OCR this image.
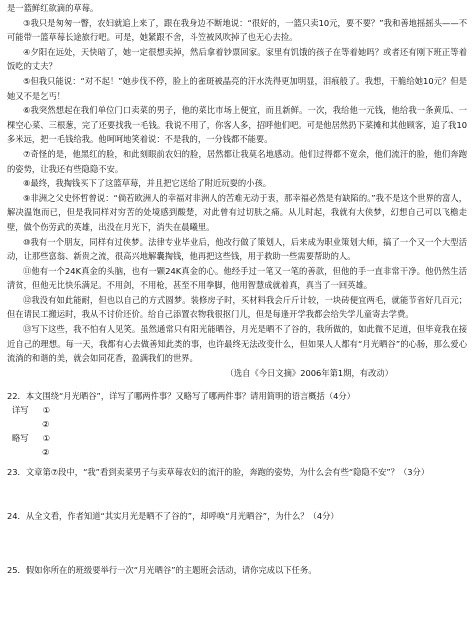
是一篮鲜红欲滴的草莓。

③我只是匆匆一瞥，农妇就追上来了，跟在我身边不断地说：“很好的，一篮只卖10元，要不要？”我和善地摇摇头——不可能带一篮草莓长途旅行吧。可是，她紧跟不舍，斗笠被风吹掉了也无心去捡。

④夕阳在远处，天快暗了，她一定很想卖掉，然后拿着钞票回家。家里有饥饿的孩子在等着她吗？或者还有刚下班正等着饭吃的丈夫？

⑤但我只能说：“对不起！”她步伐不停，脸上的雀斑被晶亮的汗水洗得更加明显，泪痕般了。我想，干脆给她10元？但是她又不是乞丐！

⑥我突然想起在我们单位门口卖菜的男子，他的菜比市场上便宜，而且新鲜。一次，我给他一元钱，他给我一条黄瓜、一棵空心菜、三根葱，完了还要找我一毛钱。我说不用了，你客人多，招呼他们吧。可是他居然扔下菜摊和其他顾客，追了我10多米远，把一毛钱给我。他呵呵地笑着说：不是我的，一分钱都不能要。

⑦奇怪的是，他黑红的脸，和此刻眼前农妇的脸，居然都让我莫名地感动。他们过得都不宽余，他们流汗的脸，他们奔跑的姿势，让我还有些隐隐不安。

⑧最终，我掏钱买下了这篮草莓，并且把它送给了附近玩耍的小孩。

⑨非洲之父史怀哲曾说：“倘若欧洲人的幸福对非洲人的苦难无动于衷，那幸福必然是有缺陷的。”我不是这个世界的富人，解决温饱而已，但是我同样对穷苦的处境感到酸楚，对此曾有过切肤之痛。从儿时起，我就有大侠梦，幻想自己可以飞檐走壁，做个伤劳武的英雄，出没在月光下，消失在晨曦里。

⑩我有一个朋友，同样有过侠梦。法律专业毕业后，他改行做了策划人，后来成为职业策划大师，搞了一个又一个大型活动，让那些富翁、新贵之流，很高兴地解囊掏钱，他再把这些钱，用于救助一些需要帮助的人。

⑪他有一个24K真金的头脑，也有一颗24K真金的心。他经手过一笔又一笔的善款，但他的手一直非常干净。他仍然生活清贫，但他无比快乐满足。不用剑，不用枪，甚至不用拳脚，他用智慧成就着真，真当了一回英雄。

⑫我没有如此能耐，但也以自己的方式圆梦。装修房子时，买材料我会斤斤计较，一块砖便宜两毛，就能节省好几百元；但在请民工搬运时，我从不讨价还价。给自己添置衣物我很抠门儿，但是每逢开学我都会给失学儿童寄去学费。

⑬写下这些，我不怕有人见笑。虽然通常只有阳光能晒谷，月光是晒不了谷的，我所做的，如此微不足道，但毕竟我在接近自己的理想。每一天，我都有心去做善知此类的事，也许最终无法改变什么，但如果人人都有“月光晒谷”的心肠，那么爱心流淌的和谐的美，就会如同花香，盈满我们的世界。

（选自《今日文摘》2006年第1期，有改动）

22．本文围绕“月光晒谷”，详写了哪两件事？又略写了哪两件事？请用简明的语言概括（4分）

详写 ①
②
略写 ①
②

23．文章第⑦段中，“我”看到卖菜男子与卖草莓农妇的流汗的脸，奔跑的姿势，为什么会有些“隐隐不安”？（3分）

24．从全文看，作者知道“其实月光是晒不了谷的”，却呼唤“月光晒谷”，为什么？（4分）

25．假如你所在的班级要举行一次“月光晒谷”的主题班会活动，请你完成以下任务。
